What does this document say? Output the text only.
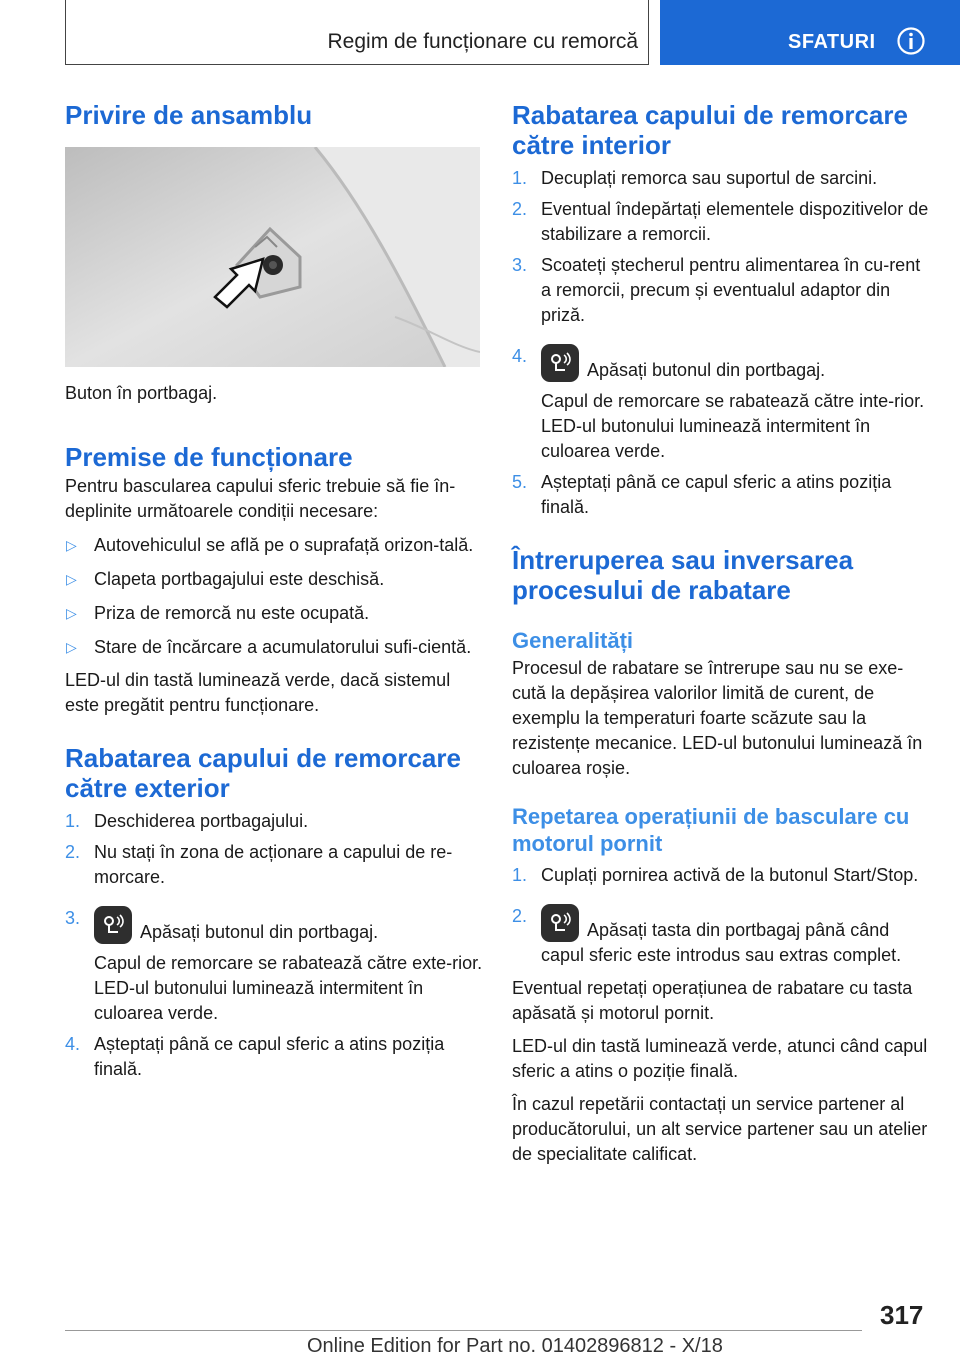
Regim de funcționare cu remorcă	SFATURI
Privire de ansamblu

Buton în portbagaj.

Premise de funcționare

Pentru bascularea capului sferic trebuie să fie în-deplinite următoarele condiții necesare:

▷ Autovehiculul se află pe o suprafață orizon-tală.
▷ Clapeta portbagajului este deschisă.
▷ Priza de remorcă nu este ocupată.
▷ Stare de încărcare a acumulatorului sufi-cientă.

LED-ul din tastă luminează verde, dacă sistemul este pregătit pentru funcționare.

Rabatarea capului de remorcare către exterior
1. Deschiderea portbagajului.
2. Nu stați în zona de acționare a capului de re-morcare.
3.
Apăsați butonul din portbagaj.

Capul de remorcare se rabatează către exte-rior. LED-ul butonului luminează intermitent în culoarea verde.

4. Așteptați până ce capul sferic a atins poziția finală.
Rabatarea capului de remorcare către interior
1. Decuplați remorca sau suportul de sarcini.
2. Eventual îndepărtați elementele dispozitivelor de stabilizare a remorcii.
3. Scoateți ștecherul pentru alimentarea în cu-rent a remorcii, precum și eventualul adaptor din priză.
4.
Apăsați butonul din portbagaj.

Capul de remorcare se rabatează către inte-rior. LED-ul butonului luminează intermitent în culoarea verde.

5. Așteptați până ce capul sferic a atins poziția finală.
Întreruperea sau inversarea procesului de rabatare
Generalități

Procesul de rabatare se întrerupe sau nu se exe-cută la depășirea valorilor limită de curent, de exemplu la temperaturi foarte scăzute sau la rezistențe mecanice. LED-ul butonului luminează în culoarea roșie.

Repetarea operațiunii de basculare cu motorul pornit
1. Cuplați pornirea activă de la butonul Start/Stop.
2.
Apăsați tasta din portbagaj până când capul sferic este introdus sau extras complet.

Eventual repetați operațiunea de rabatare cu tasta apăsată și motorul pornit.

LED-ul din tastă luminează verde, atunci când capul sferic a atins o poziție finală.

În cazul repetării contactați un service partener al producătorului, un alt service partener sau un atelier de specialitate calificat.

317
Online Edition for Part no. 01402896812 - X/18
